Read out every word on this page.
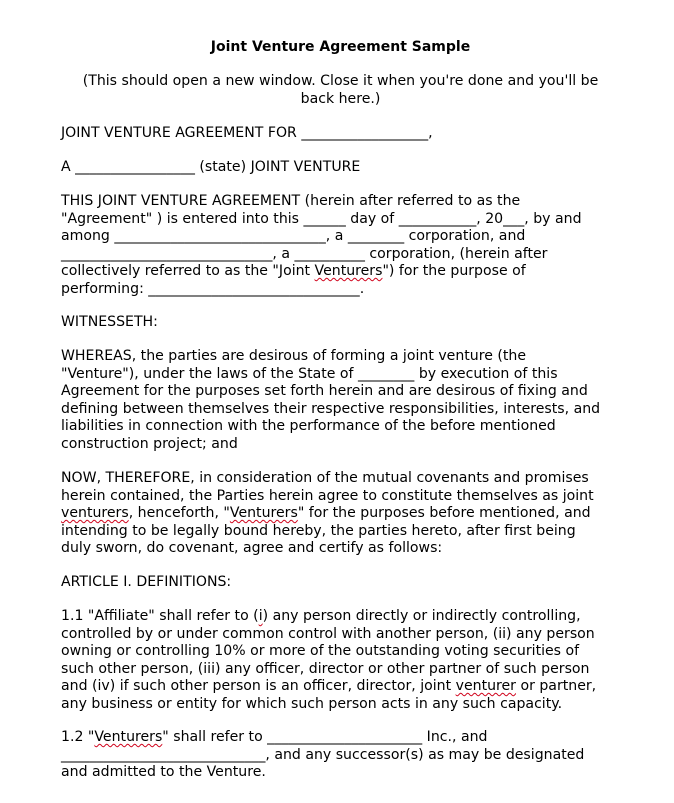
Joint Venture Agreement Sample
(This should open a new window. Close it when you're done and you'll be
back here.)
JOINT VENTURE AGREEMENT FOR __________________,
A _________________ (state) JOINT VENTURE
THIS JOINT VENTURE AGREEMENT (herein after referred to as the
"Agreement" ) is entered into this ______ day of ___________, 20___, by and
among ______________________________, a ________ corporation, and
______________________________, a __________ corporation, (herein after
collectively referred to as the "Joint Venturers") for the purpose of
performing: ______________________________.
WITNESSETH:
WHEREAS, the parties are desirous of forming a joint venture (the
"Venture"), under the laws of the State of ________ by execution of this
Agreement for the purposes set forth herein and are desirous of fixing and
defining between themselves their respective responsibilities, interests, and
liabilities in connection with the performance of the before mentioned
construction project; and
NOW, THEREFORE, in consideration of the mutual covenants and promises
herein contained, the Parties herein agree to constitute themselves as joint
venturers, henceforth, "Venturers" for the purposes before mentioned, and
intending to be legally bound hereby, the parties hereto, after first being
duly sworn, do covenant, agree and certify as follows:
ARTICLE I. DEFINITIONS:
1.1 "Affiliate" shall refer to (i) any person directly or indirectly controlling,
controlled by or under common control with another person, (ii) any person
owning or controlling 10% or more of the outstanding voting securities of
such other person, (iii) any officer, director or other partner of such person
and (iv) if such other person is an officer, director, joint venturer or partner,
any business or entity for which such person acts in any such capacity.
1.2 "Venturers" shall refer to ______________________ Inc., and
_____________________________, and any successor(s) as may be designated
and admitted to the Venture.
